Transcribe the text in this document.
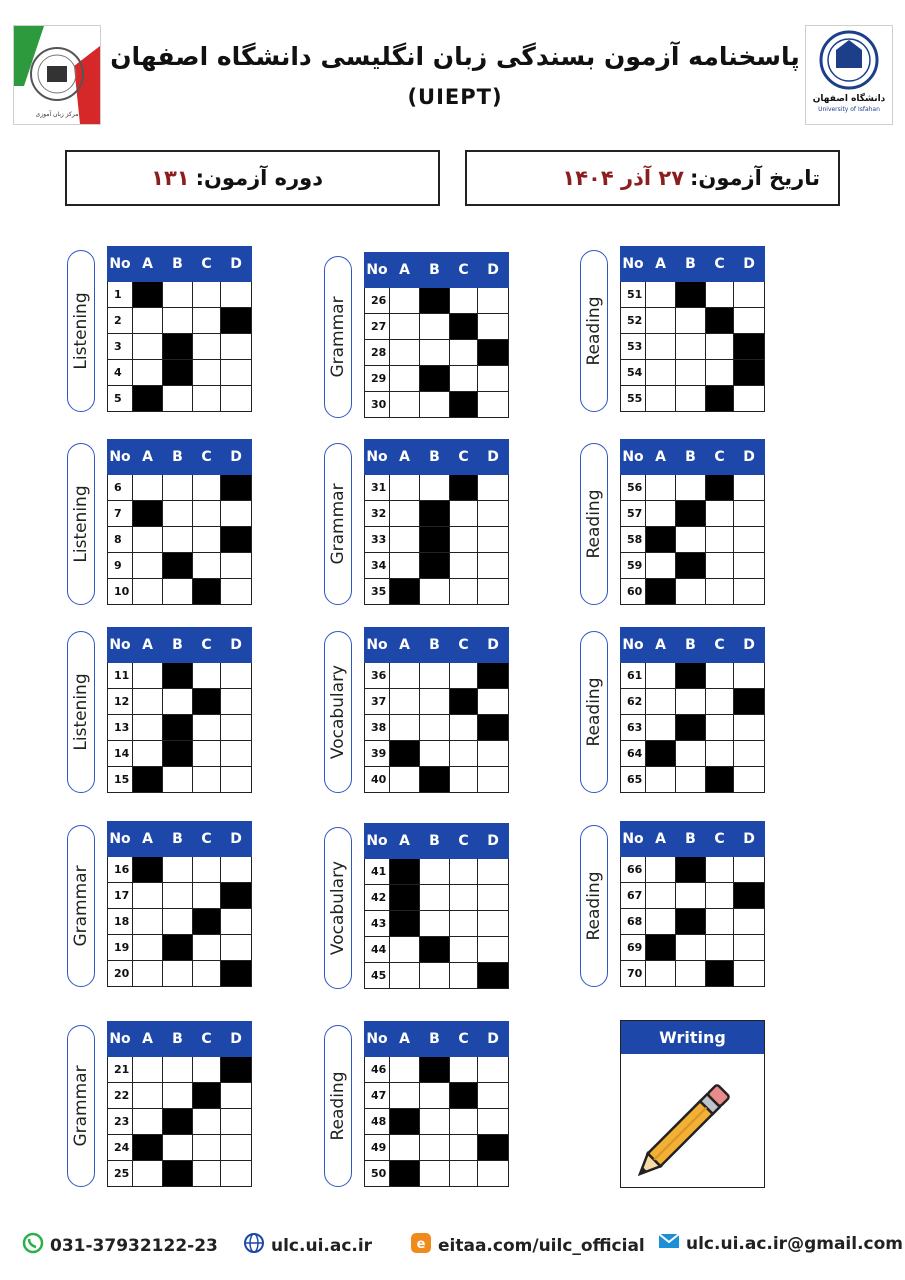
مرکز زبان آموزی
پاسخنامه آزمون بسندگی زبان انگلیسی دانشگاه اصفهان
(UIEPT)	دانشگاه اصفهان
University of Isfahan
تاریخ آزمون:
۲۷ آذر ۱۴۰۴
دوره آزمون:
۱۳۱
Listening
No	A	B	C	D
1				
2				
3				
4				
5				
Listening
No	A	B	C	D
6				
7				
8				
9				
10				
Listening
No	A	B	C	D
11				
12				
13				
14				
15				
Grammar
No	A	B	C	D
16				
17				
18				
19				
20				
Grammar
No	A	B	C	D
21				
22				
23				
24				
25				
Grammar
No	A	B	C	D
26				
27				
28				
29				
30				
Grammar
No	A	B	C	D
31				
32				
33				
34				
35				
Vocabulary
No	A	B	C	D
36				
37				
38				
39				
40				
Vocabulary
No	A	B	C	D
41				
42				
43				
44				
45				
Reading
No	A	B	C	D
46				
47				
48				
49				
50				
Reading
No	A	B	C	D
51				
52				
53				
54				
55				
Reading
No	A	B	C	D
56				
57				
58				
59				
60				
Reading
No	A	B	C	D
61				
62				
63				
64				
65				
Reading
No	A	B	C	D
66				
67				
68				
69				
70				
Writing
031-37932122-23	ulc.ui.ac.ir	e eitaa.com/uilc_official ulc.ui.ac.ir@gmail.com
